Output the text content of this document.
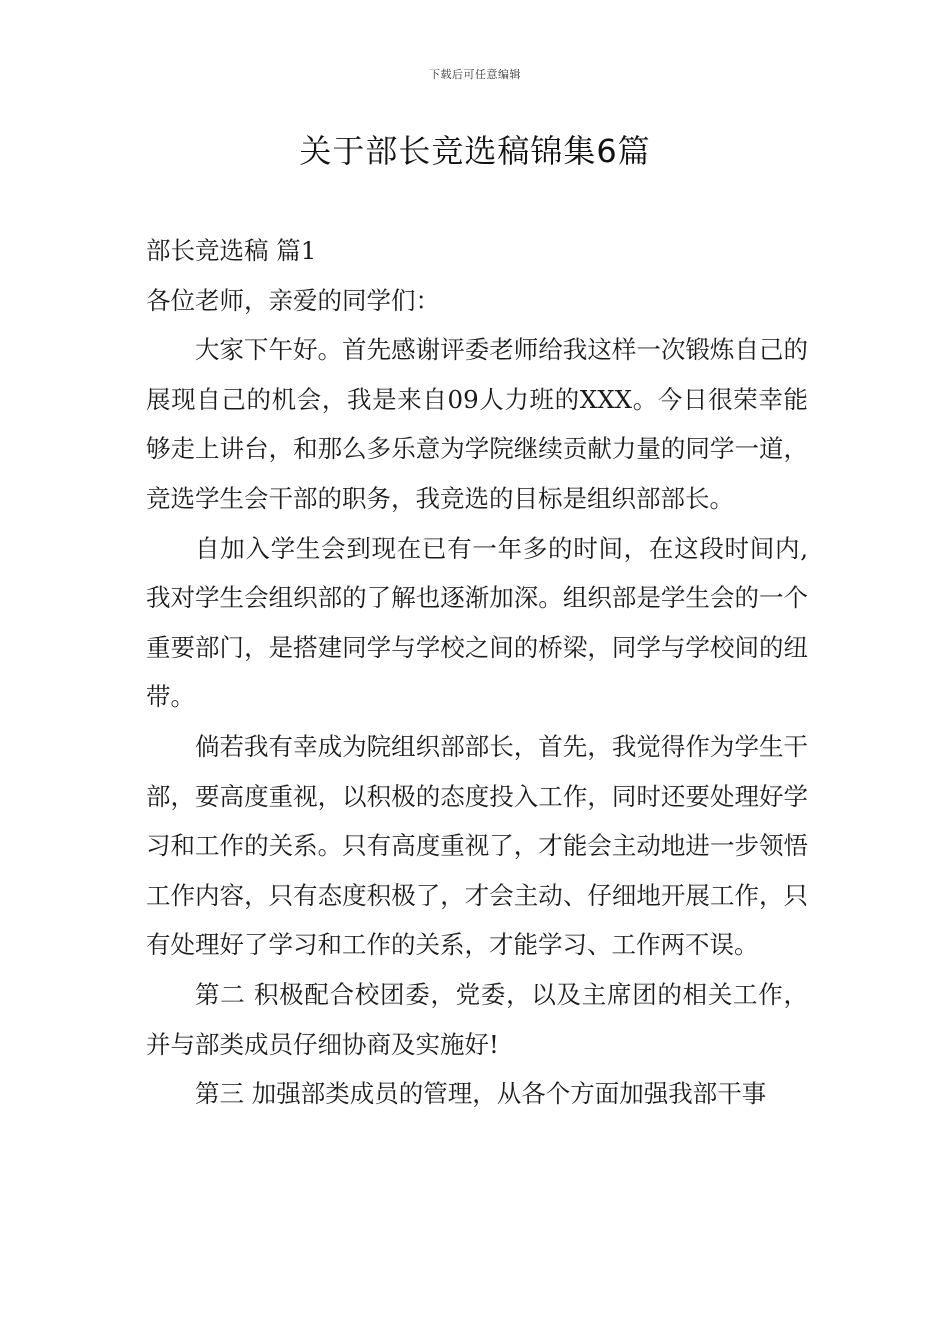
下载后可任意编辑
关于部长竞选稿锦集6篇

部长竞选稿 篇1

各位老师，亲爱的同学们：

大家下午好。首先感谢评委老师给我这样一次锻炼自己的展现自己的机会，我是来自09人力班的XXX。今日很荣幸能够走上讲台，和那么多乐意为学院继续贡献力量的同学一道，竞选学生会干部的职务，我竞选的目标是组织部部长。

自加入学生会到现在已有一年多的时间，在这段时间内,我对学生会组织部的了解也逐渐加深。组织部是学生会的一个重要部门，是搭建同学与学校之间的桥梁，同学与学校间的纽带。

倘若我有幸成为院组织部部长，首先，我觉得作为学生干部，要高度重视，以积极的态度投入工作，同时还要处理好学习和工作的关系。只有高度重视了，才能会主动地进一步领悟工作内容，只有态度积极了，才会主动、仔细地开展工作，只有处理好了学习和工作的关系，才能学习、工作两不误。

第二 积极配合校团委，党委，以及主席团的相关工作，并与部类成员仔细协商及实施好!

第三 加强部类成员的管理，从各个方面加强我部干事
